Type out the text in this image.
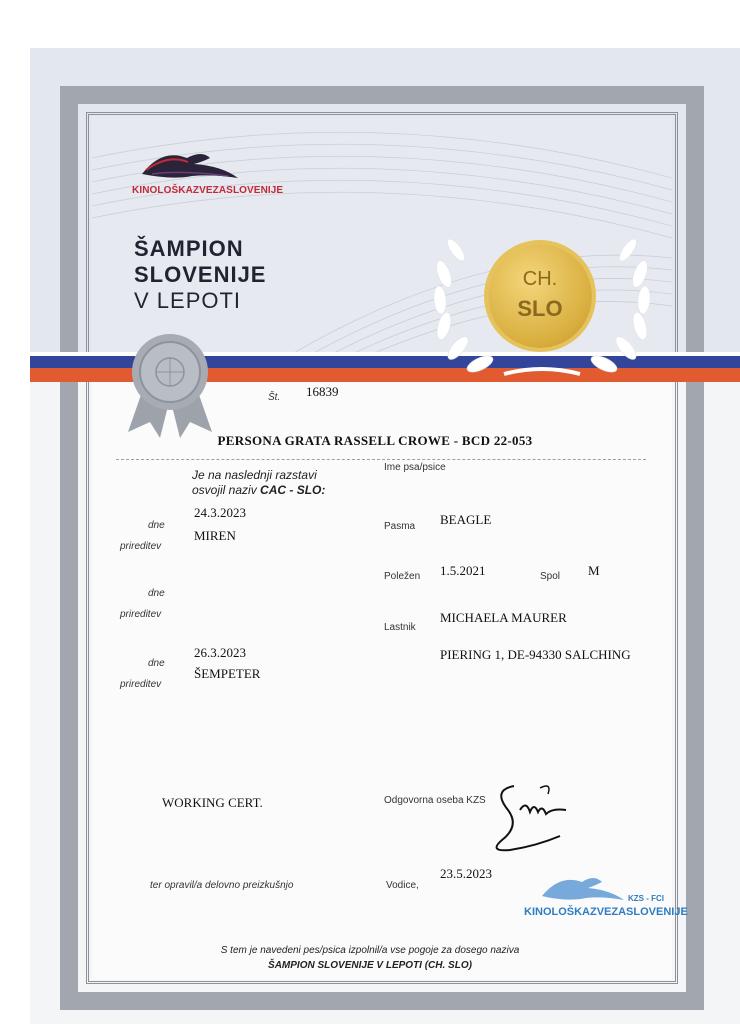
KINOLOŠKAZVEZASLOVENIJE
ŠAMPION
SLOVENIJE
V LEPOTI
CH.
SLO
Št. 16839
PERSONA GRATA RASSELL CROWE - BCD 22-053
Je na naslednji razstavi
osvojil naziv CAC - SLO:
dne
24.3.2023
prireditev
MIREN
dne
prireditev
dne
26.3.2023
prireditev
ŠEMPETER
Ime psa/psice
Pasma BEAGLE
Poležen 1.5.2021	Spol M
Lastnik
MICHAELA MAURER
PIERING 1, DE-94330 SALCHING
WORKING CERT.
ter opravil/a delovno preizkušnjo
Odgovorna oseba KZS
Vodice,
23.5.2023
KZS - FCI
KINOLOŠKAZVEZASLOVENIJE
S tem je navedeni pes/psica izpolnil/a vse pogoje za dosego naziva
ŠAMPION SLOVENIJE V LEPOTI (CH. SLO)
